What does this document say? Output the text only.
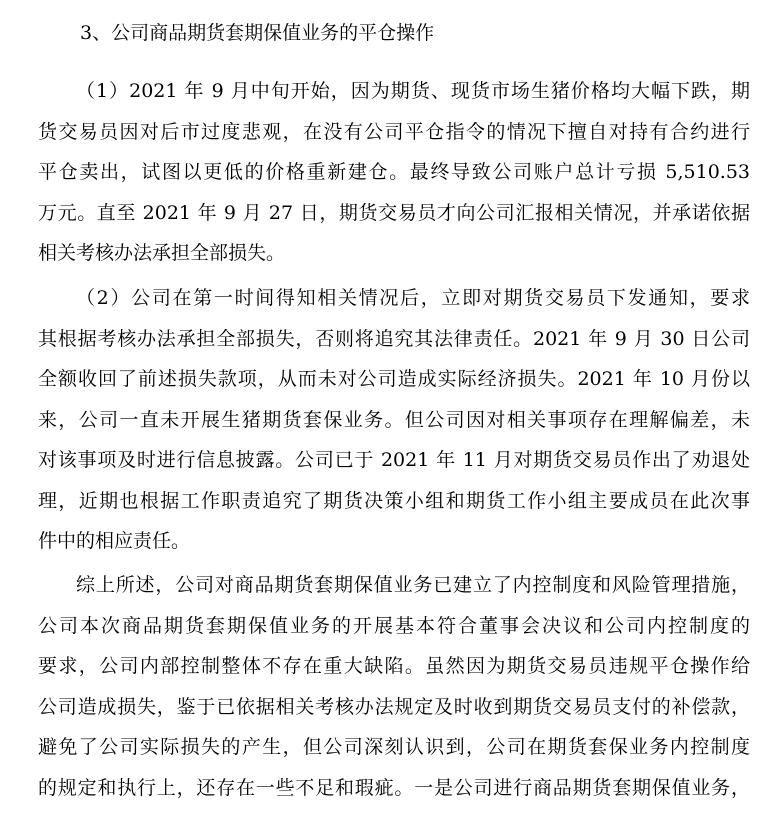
3、公司商品期货套期保值业务的平仓操作
（1）2021 年 9 月中旬开始，因为期货、现货市场生猪价格均大幅下跌，期
货交易员因对后市过度悲观，在没有公司平仓指令的情况下擅自对持有合约进行
平仓卖出，试图以更低的价格重新建仓。最终导致公司账户总计亏损 5,510.53
万元。直至 2021 年 9 月 27 日，期货交易员才向公司汇报相关情况，并承诺依据
相关考核办法承担全部损失。
（2）公司在第一时间得知相关情况后，立即对期货交易员下发通知，要求
其根据考核办法承担全部损失，否则将追究其法律责任。2021 年 9 月 30 日公司
全额收回了前述损失款项，从而未对公司造成实际经济损失。2021 年 10 月份以
来，公司一直未开展生猪期货套保业务。但公司因对相关事项存在理解偏差，未
对该事项及时进行信息披露。公司已于 2021 年 11 月对期货交易员作出了劝退处
理，近期也根据工作职责追究了期货决策小组和期货工作小组主要成员在此次事
件中的相应责任。
综上所述，公司对商品期货套期保值业务已建立了内控制度和风险管理措施，
公司本次商品期货套期保值业务的开展基本符合董事会决议和公司内控制度的
要求，公司内部控制整体不存在重大缺陷。虽然因为期货交易员违规平仓操作给
公司造成损失，鉴于已依据相关考核办法规定及时收到期货交易员支付的补偿款，
避免了公司实际损失的产生，但公司深刻认识到，公司在期货套保业务内控制度
的规定和执行上，还存在一些不足和瑕疵。一是公司进行商品期货套期保值业务，
